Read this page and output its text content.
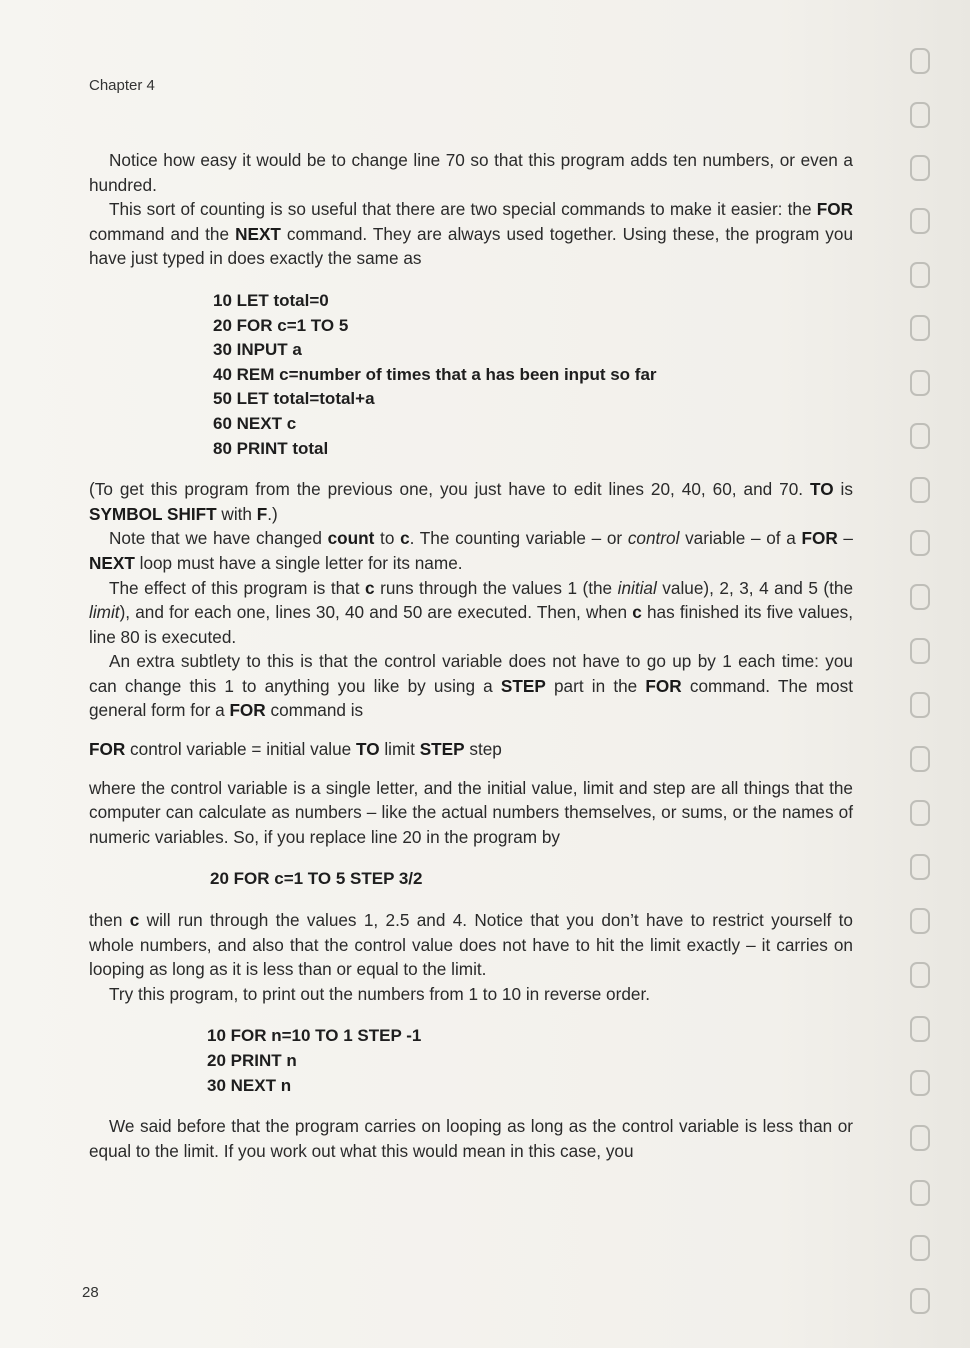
Chapter 4

Notice how easy it would be to change line 70 so that this program adds ten numbers, or even a hundred.

This sort of counting is so useful that there are two special commands to make it easier: the FOR command and the NEXT command. They are always used together. Using these, the program you have just typed in does exactly the same as

10 LET total=0

20 FOR c=1 TO 5

30 INPUT a

40 REM c=number of times that a has been input so far

50 LET total=total+a

60 NEXT c

80 PRINT total

(To get this program from the previous one, you just have to edit lines 20, 40, 60, and 70. TO is SYMBOL SHIFT with F.)

Note that we have changed count to c. The counting variable – or control variable – of a FOR – NEXT loop must have a single letter for its name.

The effect of this program is that c runs through the values 1 (the initial value), 2, 3, 4 and 5 (the limit), and for each one, lines 30, 40 and 50 are executed. Then, when c has finished its five values, line 80 is executed.

An extra subtlety to this is that the control variable does not have to go up by 1 each time: you can change this 1 to anything you like by using a STEP part in the FOR command. The most general form for a FOR command is

FOR control variable = initial value TO limit STEP step

where the control variable is a single letter, and the initial value, limit and step are all things that the computer can calculate as numbers – like the actual numbers themselves, or sums, or the names of numeric variables. So, if you replace line 20 in the program by

20 FOR c=1 TO 5 STEP 3/2

then c will run through the values 1, 2.5 and 4. Notice that you don’t have to restrict yourself to whole numbers, and also that the control value does not have to hit the limit exactly – it carries on looping as long as it is less than or equal to the limit.

Try this program, to print out the numbers from 1 to 10 in reverse order.

10 FOR n=10 TO 1 STEP -1

20 PRINT n

30 NEXT n

We said before that the program carries on looping as long as the control variable is less than or equal to the limit. If you work out what this would mean in this case, you

28
